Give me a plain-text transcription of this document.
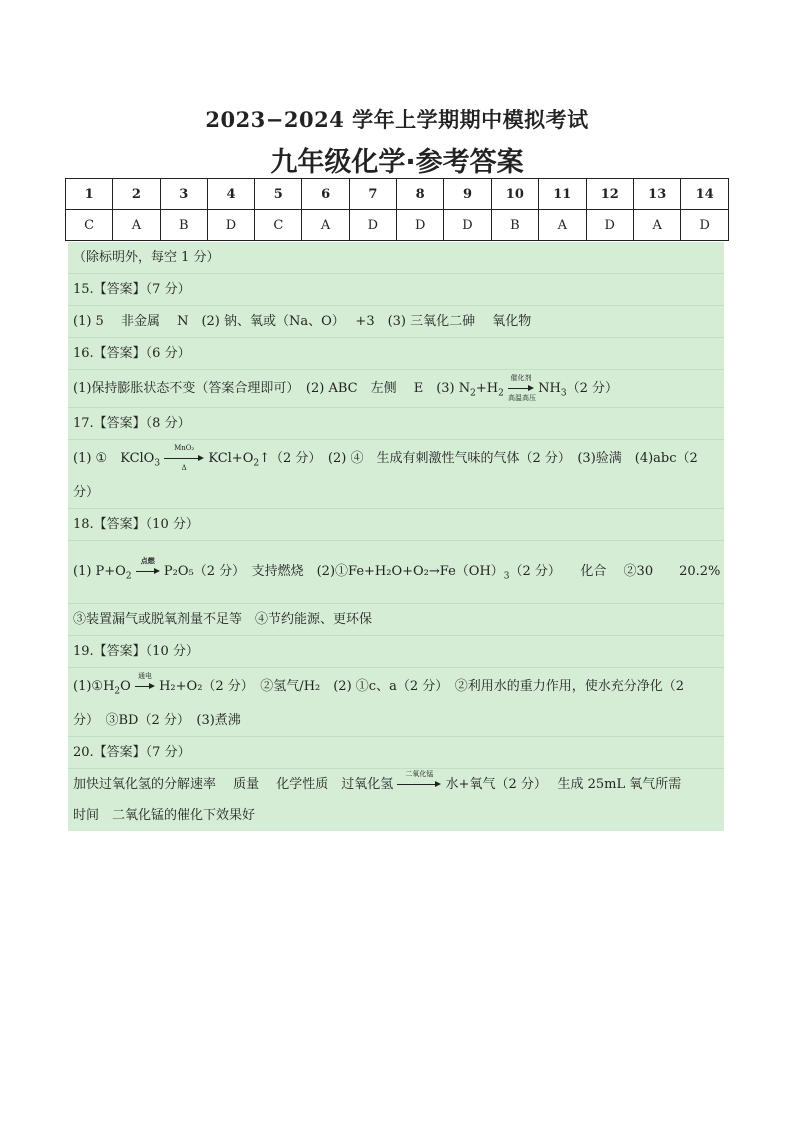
2023−2024 学年上学期期中模拟考试
九年级化学·参考答案
1	2	3	4	5	6	7	8	9	10	11	12	13	14
C	A	B	D	C	A	D	D	D	B	A	D	A	D
（除标明外，每空 1 分）
15.【答案】（7 分）
(1) 5　 非金属　 N　(2) 钠、氧或（Na、O）　 +3　(3) 三氧化二砷　 氧化物
16.【答案】（6 分）
(1)保持膨胀状态不变（答案合理即可）　(2) ABC　左侧　 E　(3) $N_2+H_2$
催化剂
高温高压
$NH_3(2$ 分）
17.【答案】（8 分）
(1) ①　KClO$_3$
MnO₂
Δ
$KCl+O_2↑(2$ 分）　(2) ④　生成有刺激性气味的气体（2 分）　(3)验满　(4)abc（2
分）
18.【答案】（10 分）
(1) $P+O_2$
点燃
P₂O₅（2 分）　支持燃烧　$(2)①Fe+H_2O+O_2\to Fe(OH)_3(2$ 分）　　化合　 ②30　　20.2%
③装置漏气或脱氧剂量不足等　④节约能源、更环保
19.【答案】（10 分）
$(1)①H_2O$
通电
H₂+O₂（2 分）　②氢气/H₂　(2) ①c、a（2 分）　②利用水的重力作用，使水充分净化（2
分）　③BD（2 分）　(3)煮沸
20.【答案】（7 分）
加快过氧化氢的分解速率　 质量　 化学性质　过氧化氢
二氧化锰
水+氧气（2 分）　 生成 25mL 氧气所需
时间　二氧化锰的催化下效果好
